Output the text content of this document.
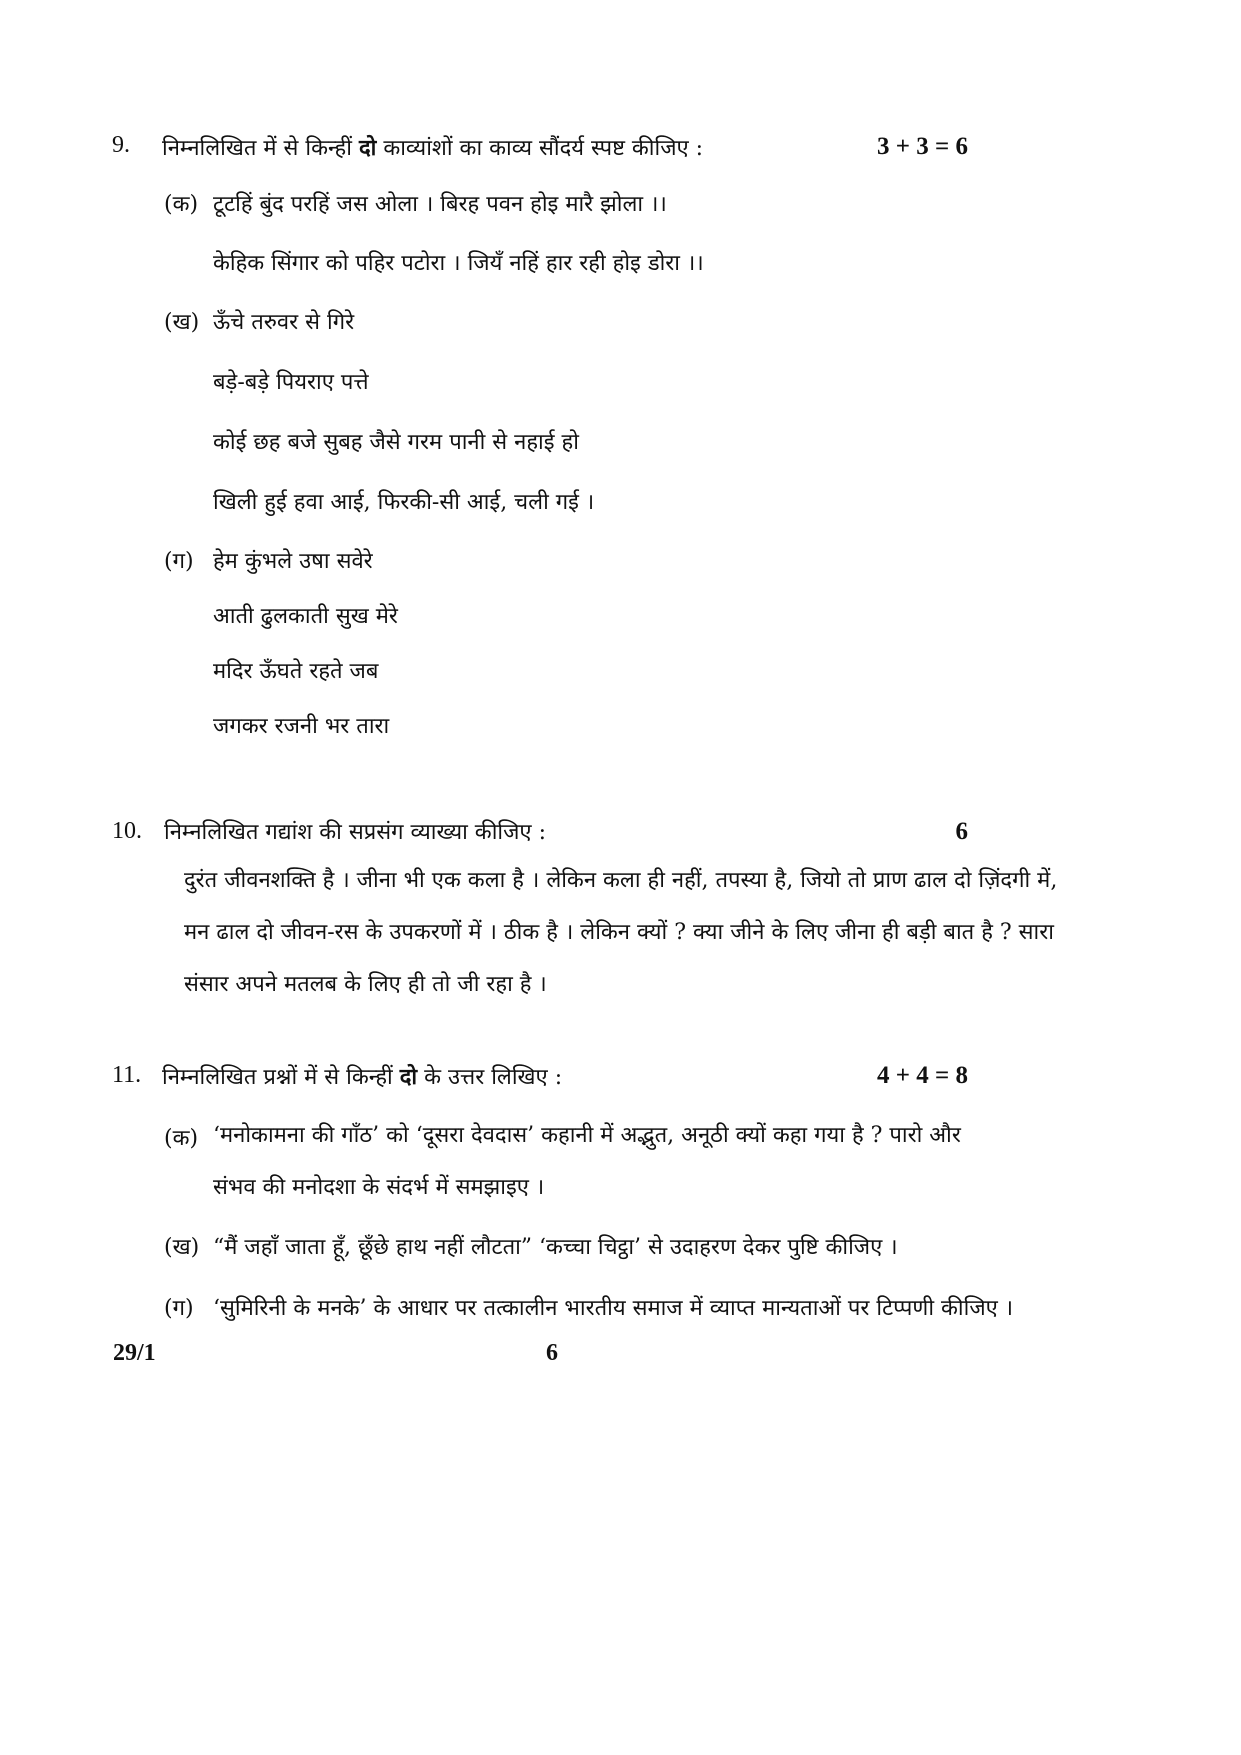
9. निम्नलिखित में से किन्हीं दो काव्यांशों का काव्य सौंदर्य स्पष्ट कीजिए :	3 + 3 = 6
(क) टूटहिं बुंद परहिं जस ओला । बिरह पवन होइ मारै झोला ।।
केहिक सिंगार को पहिर पटोरा । जियँ नहिं हार रही होइ डोरा ।।
(ख) ऊँचे तरुवर से गिरे
बड़े-बड़े पियराए पत्ते
कोई छह बजे सुबह जैसे गरम पानी से नहाई हो
खिली हुई हवा आई, फिरकी-सी आई, चली गई ।
(ग) हेम कुंभले उषा सवेरे
आती ढुलकाती सुख मेरे
मदिर ऊँघते रहते जब
जगकर रजनी भर तारा
10. निम्नलिखित गद्यांश की सप्रसंग व्याख्या कीजिए :	6
दुरंत जीवनशक्ति है । जीना भी एक कला है । लेकिन कला ही नहीं, तपस्या है, जियो तो प्राण ढाल दो ज़िंदगी में, मन ढाल दो जीवन-रस के उपकरणों में । ठीक है । लेकिन क्यों ? क्या जीने के लिए जीना ही बड़ी बात है ? सारा संसार अपने मतलब के लिए ही तो जी रहा है ।
11. निम्नलिखित प्रश्नों में से किन्हीं दो के उत्तर लिखिए :	4 + 4 = 8
(क) ‘मनोकामना की गाँठ’ को ‘दूसरा देवदास’ कहानी में अद्भुत, अनूठी क्यों कहा गया है ? पारो और संभव की मनोदशा के संदर्भ में समझाइए ।
(ख) “मैं जहाँ जाता हूँ, छूँछे हाथ नहीं लौटता” ‘कच्चा चिट्ठा’ से उदाहरण देकर पुष्टि कीजिए ।
(ग) ‘सुमिरिनी के मनके’ के आधार पर तत्कालीन भारतीय समाज में व्याप्त मान्यताओं पर टिप्पणी कीजिए ।
29/1	6
